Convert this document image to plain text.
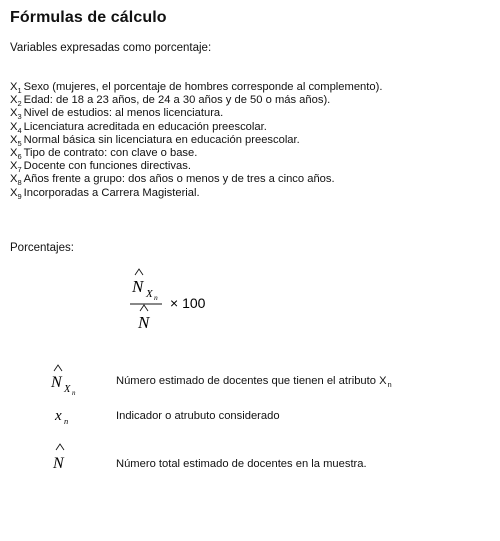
Fórmulas de cálculo
Variables expresadas como porcentaje:
$X_1$ Sexo (mujeres, el porcentaje de hombres corresponde al complemento).
$X_2$ Edad: de 18 a 23 años, de 24 a 30 años y de 50 o más años).
$X_3$ Nivel de estudios: al menos licenciatura.
$X_4$ Licenciatura acreditada en educación preescolar.
$X_5$ Normal básica sin licenciatura en educación preescolar.
$X_6$ Tipo de contrato: con clave o base.
$X_7$ Docente con funciones directivas.
$X_8$ Años frente a grupo: dos años o menos y de tres a cinco años.
$X_9$ Incorporadas a Carrera Magisterial.
Porcentajes:
N X n
N
× 100
N X n
Número estimado de docentes que tienen el atributo $X_n$
x n	Indicador o atrubuto considerado
N	Número total estimado de docentes en la muestra.
